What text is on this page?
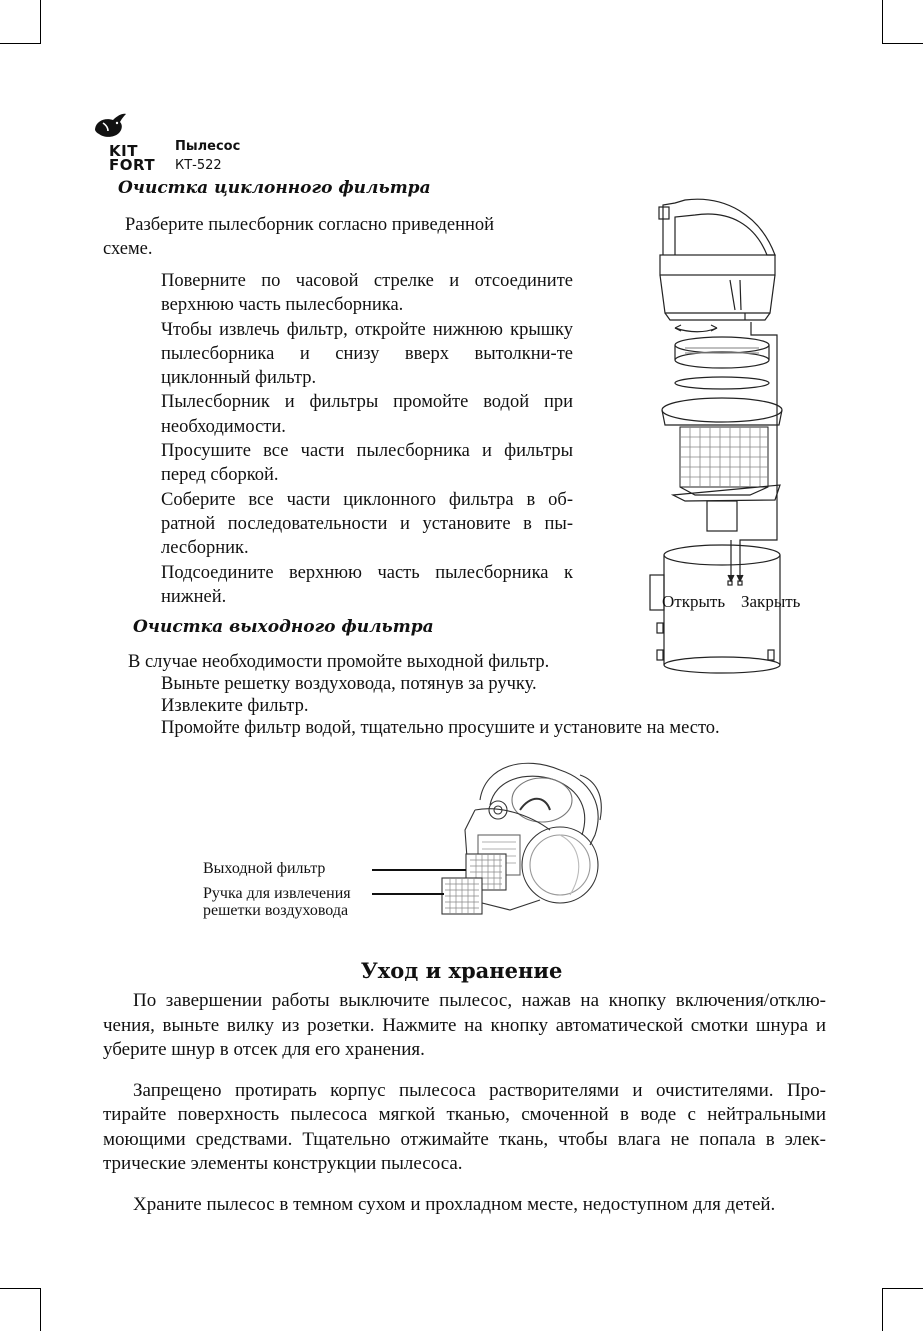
KIT
FORT
Пылесос
КТ-522
Очистка циклонного фильтра

Разберите пылесборник согласно приведенной схеме.

Поверните по часовой стрелке и отсоедините верхнюю часть пылесборника.

Чтобы извлечь фильтр, откройте нижнюю крышку пылесборника и снизу вверх вытолкни-те циклонный фильтр.

Пылесборник и фильтры промойте водой при необходимости.

Просушите все части пылесборника и фильтры перед сборкой.

Соберите все части циклонного фильтра в об-ратной последовательности и установите в пы-лесборник.

Подсоедините верхнюю часть пылесборника к нижней.	Открыть Закрыть
Очистка выходного фильтра

В случае необходимости промойте выходной фильтр.

Выньте решетку воздуховода, потянув за ручку.

Извлеките фильтр.

Промойте фильтр водой, тщательно просушите и установите на место.

Выходной фильтр
Ручка для извлечения
решетки воздуховода
Уход и хранение

По завершении работы выключите пылесос, нажав на кнопку включения/отклю-чения, выньте вилку из розетки. Нажмите на кнопку автоматической смотки шнура и уберите шнур в отсек для его хранения.

Запрещено протирать корпус пылесоса растворителями и очистителями. Про-тирайте поверхность пылесоса мягкой тканью, смоченной в воде с нейтральными моющими средствами. Тщательно отжимайте ткань, чтобы влага не попала в элек-трические элементы конструкции пылесоса.

Храните пылесос в темном сухом и прохладном месте, недоступном для детей.
